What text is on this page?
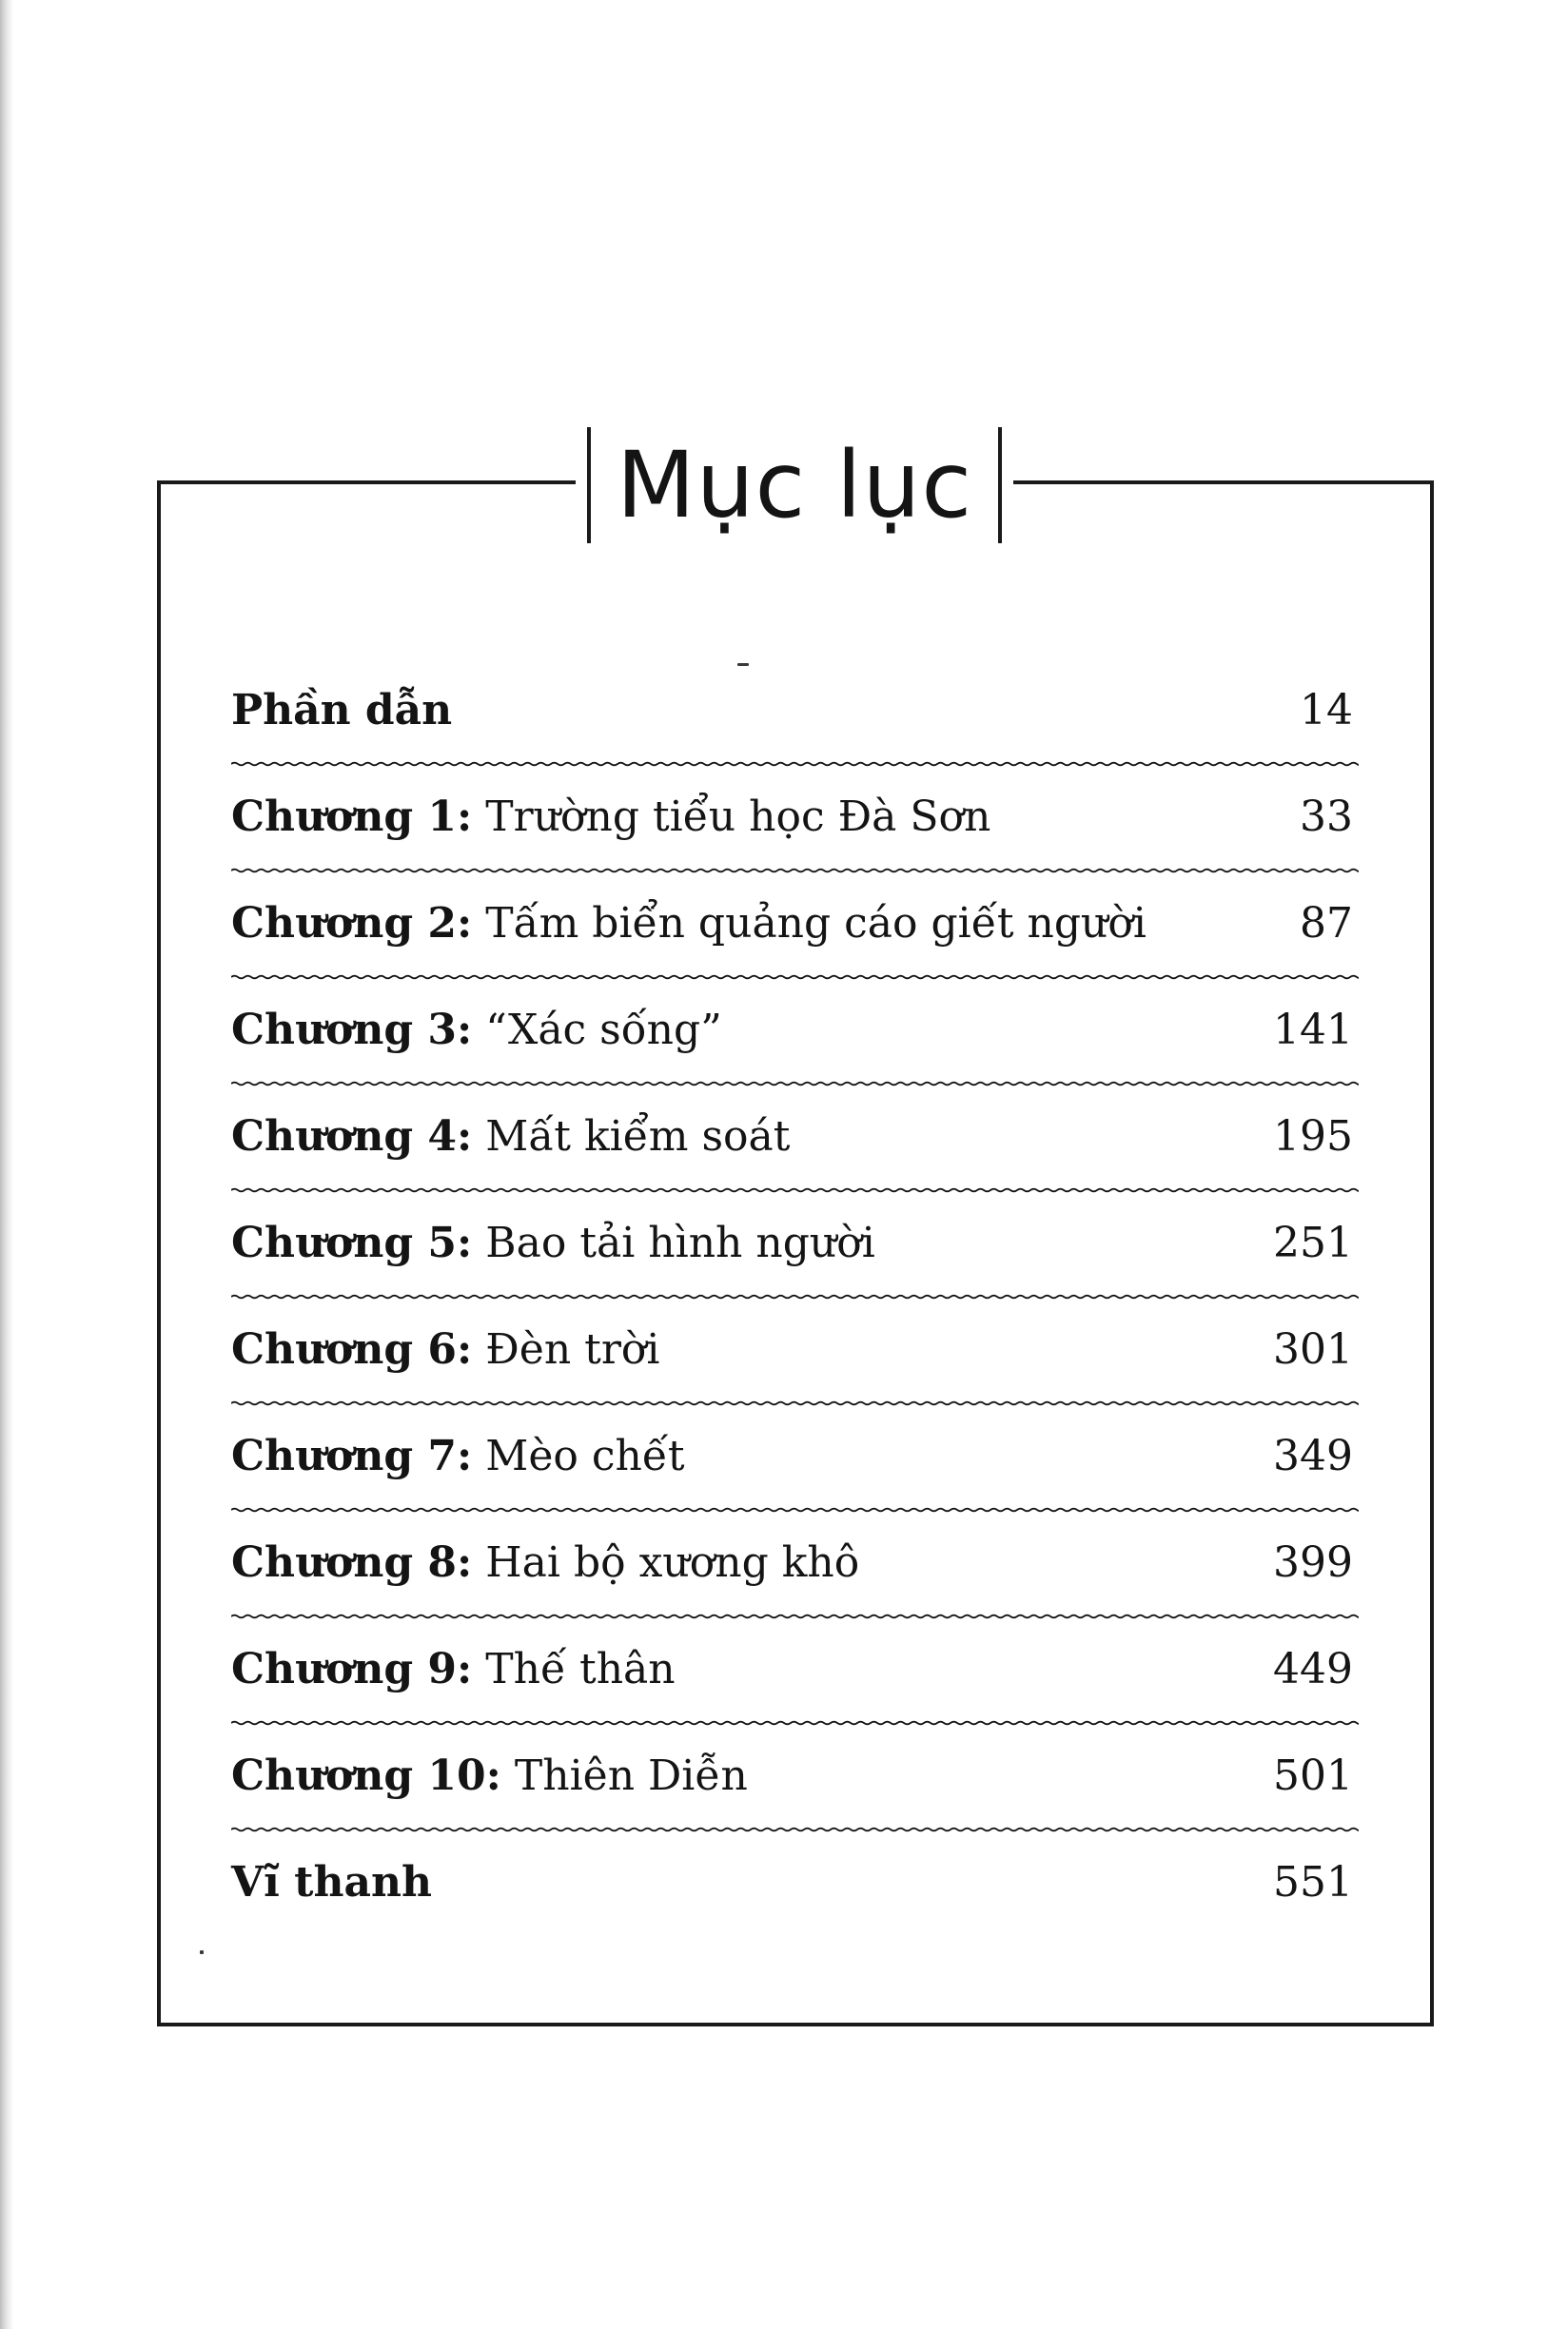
Mục lục
Phần dẫn	14
Chương 1: Trường tiểu học Đà Sơn	33
Chương 2: Tấm biển quảng cáo giết người	87
Chương 3: “Xác sống”	141
Chương 4: Mất kiểm soát	195
Chương 5: Bao tải hình người	251
Chương 6: Đèn trời	301
Chương 7: Mèo chết	349
Chương 8: Hai bộ xương khô	399
Chương 9: Thế thân	449
Chương 10: Thiên Diễn	501
Vĩ thanh	551
